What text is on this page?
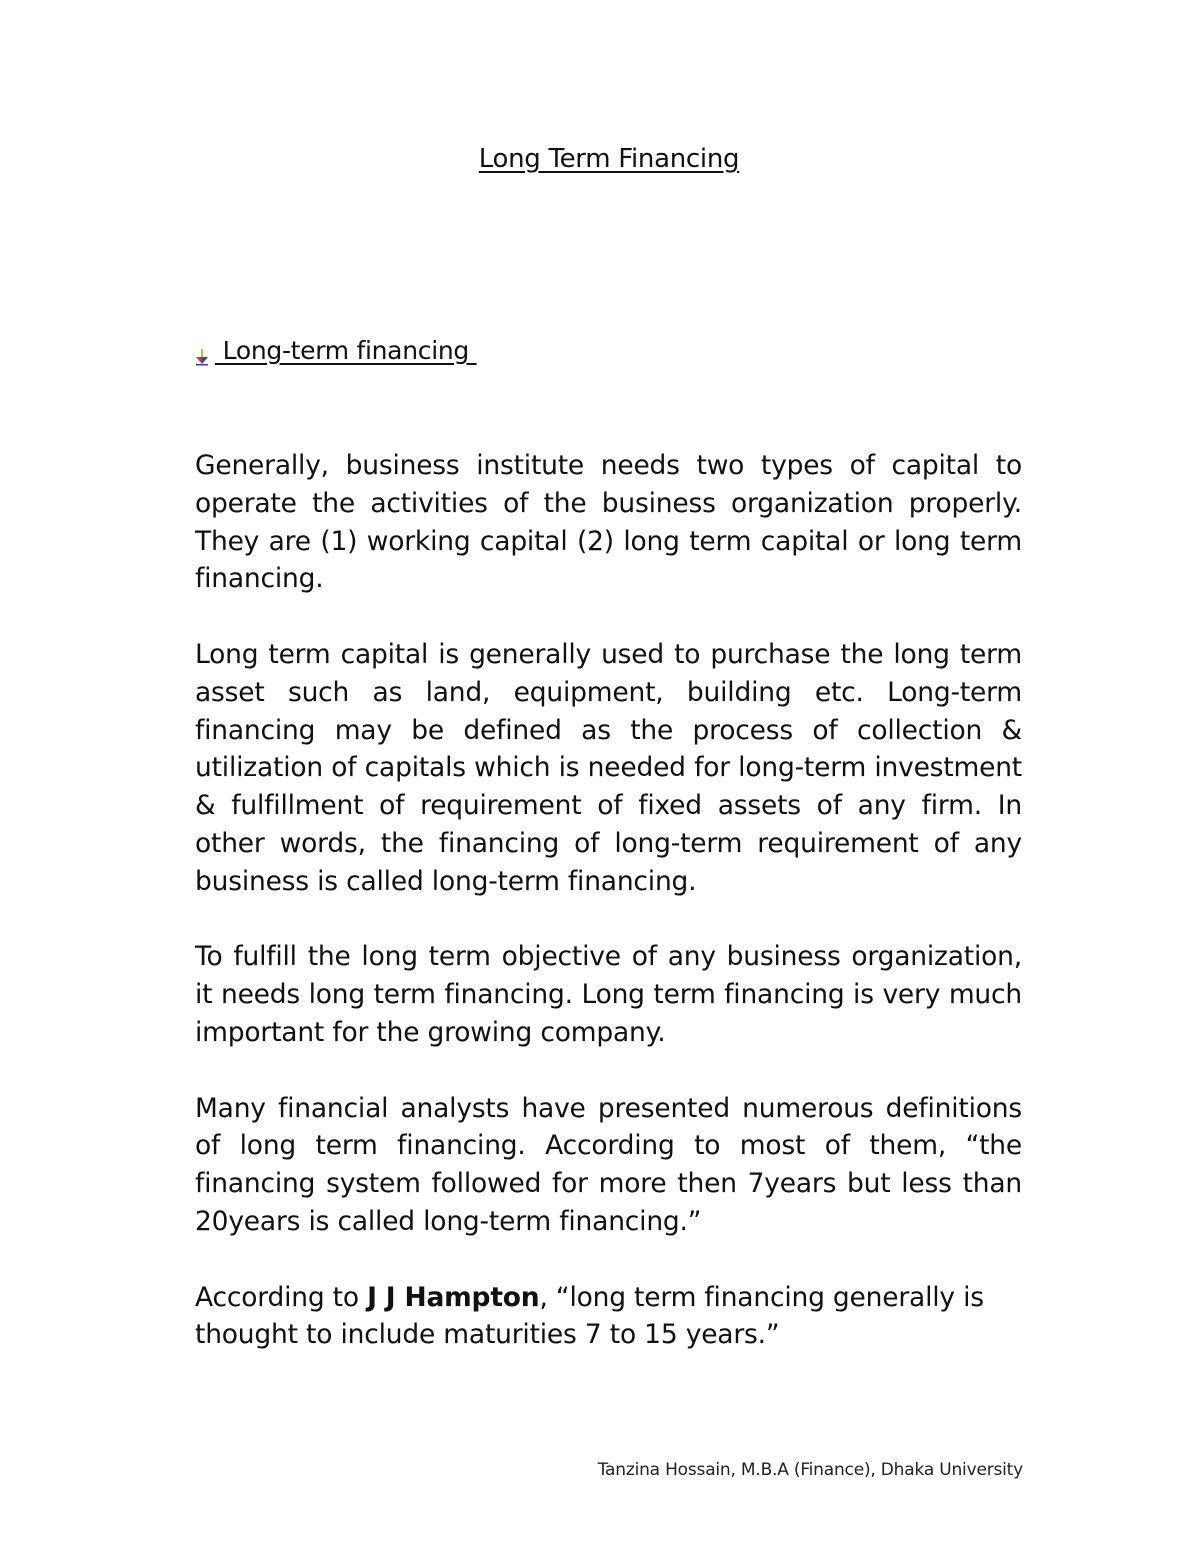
Long Term Financing
Long-term financing

Generally, business institute needs two types of capital to operate the activities of the business organization properly. They are (1) working capital (2) long term capital or long term financing.

Long term capital is generally used to purchase the long term asset such as land, equipment, building etc. Long-term financing may be defined as the process of collection & utilization of capitals which is needed for long-term investment & fulfillment of requirement of fixed assets of any firm. In other words, the financing of long-term requirement of any business is called long-term financing.

To fulfill the long term objective of any business organization, it needs long term financing. Long term financing is very much important for the growing company.

Many financial analysts have presented numerous definitions of long term financing. According to most of them, “the financing system followed for more then 7years but less than 20years is called long-term financing.”

According to J J Hampton, “long term financing generally is thought to include maturities 7 to 15 years.”

Tanzina Hossain, M.B.A (Finance), Dhaka University
